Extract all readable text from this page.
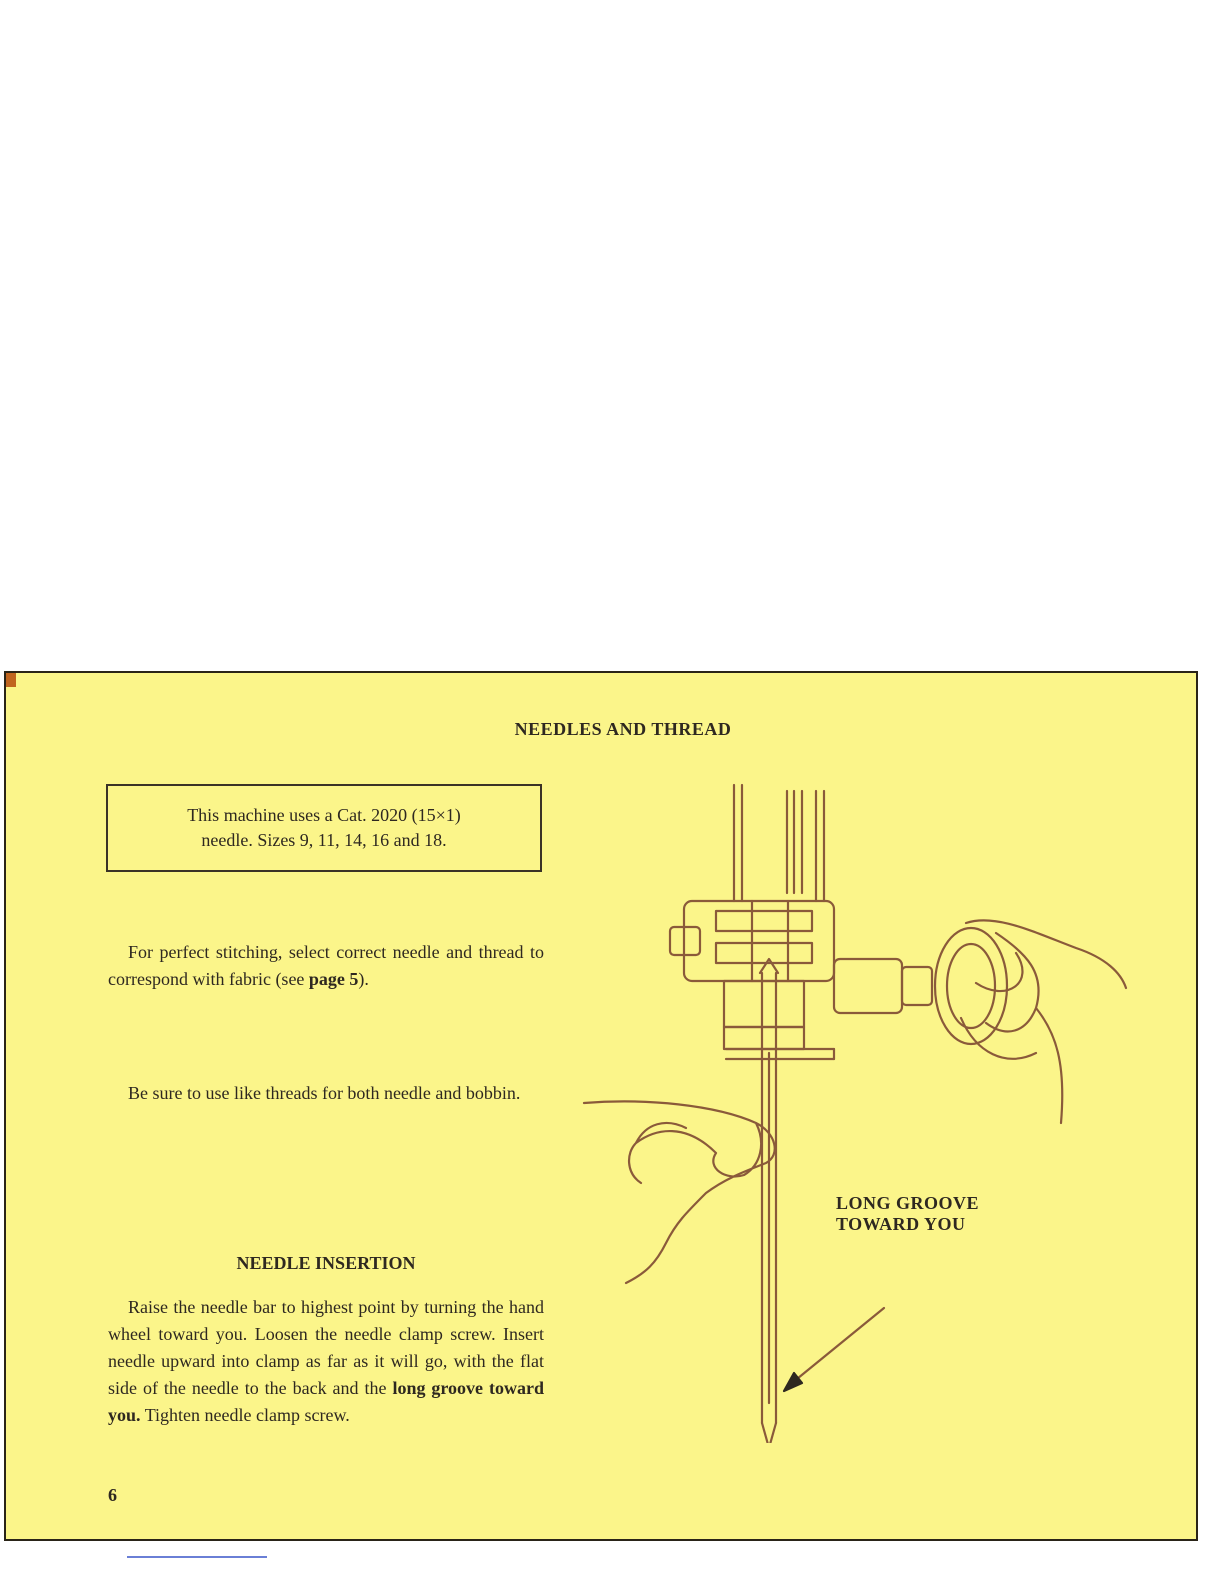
NEEDLES AND THREAD
This machine uses a Cat. 2020 (15×1)
needle. Sizes 9, 11, 14, 16 and 18.
For perfect stitching, select correct needle and thread to correspond with fabric (see page 5).
Be sure to use like threads for both needle and bobbin.
NEEDLE INSERTION
Raise the needle bar to highest point by turning the hand wheel toward you. Loosen the needle clamp screw. Insert needle upward into clamp as far as it will go, with the flat side of the needle to the back and the long groove toward you. Tighten needle clamp screw.
6
LONG GROOVE
TOWARD YOU
